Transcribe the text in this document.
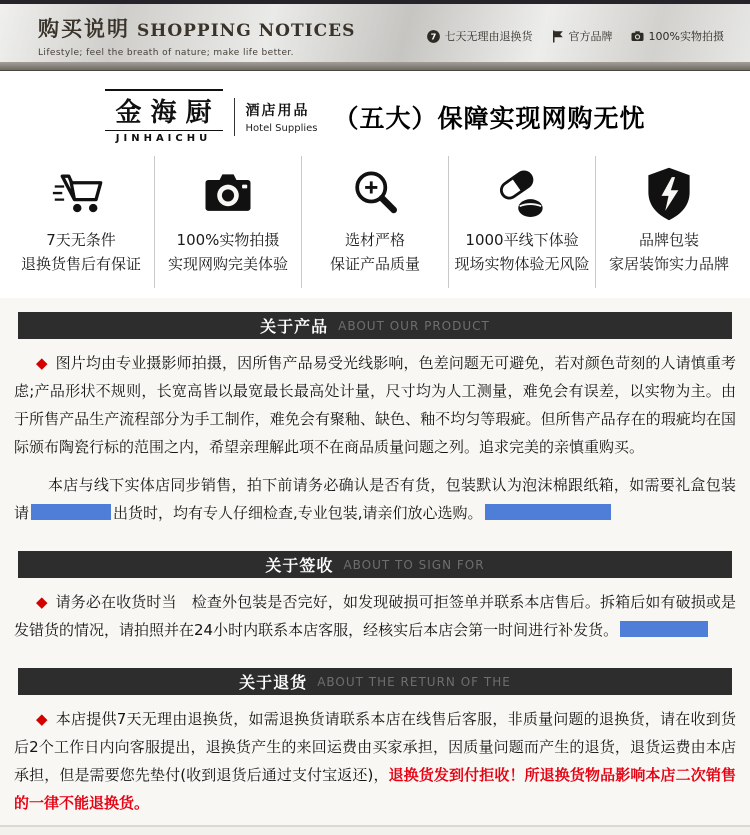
购买说明 SHOPPING NOTICES
Lifestyle; feel the breath of nature; make life better.
7 七天无理由退换货	官方品牌	100%实物拍摄
金海厨
JINHAICHU
酒店用品
Hotel Supplies （五大）保障实现网购无忧
7天无条件
退换货售后有保证
100%实物拍摄
实现网购完美体验
选材严格
保证产品质量
1000平线下体验
现场实物体验无风险
品牌包装
家居装饰实力品牌
关于产品 ABOUT OUR PRODUCT

◆ 图片均由专业摄影师拍摄，因所售产品易受光线影响，色差问题无可避免，若对颜色苛刻的人请慎重考虑;产品形状不规则，长宽高皆以最宽最长最高处计量，尺寸均为人工测量，难免会有误差，以实物为主。由于所售产品生产流程部分为手工制作，难免会有聚釉、缺色、釉不均匀等瑕疵。但所售产品存在的瑕疵均在国际颁布陶瓷行标的范围之内，希望亲理解此项不在商品质量问题之列。追求完美的亲慎重购买。

本店与线下实体店同步销售，拍下前请务必确认是否有货，包装默认为泡沫棉跟纸箱，如需要礼盒包装请	出货时，均有专人仔细检查,专业包装,请亲们放心选购。

关于签收 ABOUT TO SIGN FOR

◆ 请务必在收货时当　检查外包装是否完好，如发现破损可拒签单并联系本店售后。拆箱后如有破损或是发错货的情况，请拍照并在24小时内联系本店客服，经核实后本店会第一时间进行补发货。

关于退货 ABOUT THE RETURN OF THE

◆ 本店提供7天无理由退换货，如需退换货请联系本店在线售后客服，非质量问题的退换货，请在收到货后2个工作日内向客服提出，退换货产生的来回运费由买家承担，因质量问题而产生的退货，退货运费由本店承担，但是需要您先垫付(收到退货后通过支付宝返还)，退换货发到付拒收！所退换货物品影响本店二次销售的一律不能退换货。
